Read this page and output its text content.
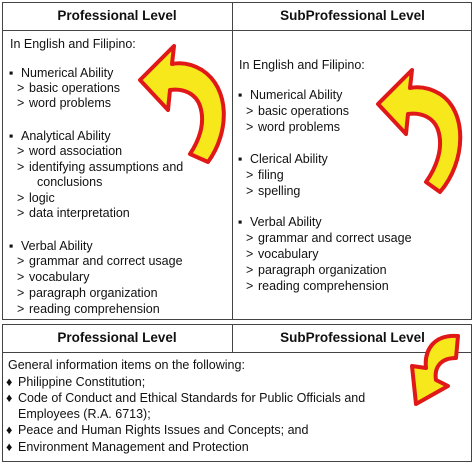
Professional Level	SubProfessional Level
In English and Filipino:
▪ Numerical Ability
> basic operations
> word problems
▪ Analytical Ability
> word association
> identifying assumptions and
conclusions
> logic
> data interpretation
▪ Verbal Ability
> grammar and correct usage
> vocabulary
> paragraph organization
> reading comprehension
In English and Filipino:
▪ Numerical Ability
> basic operations
> word problems
▪ Clerical Ability
> filing
> spelling
▪ Verbal Ability
> grammar and correct usage
> vocabulary
> paragraph organization
> reading comprehension
Professional Level	SubProfessional Level
General information items on the following:
♦ Philippine Constitution;
♦ Code of Conduct and Ethical Standards for Public Officials and
Employees (R.A. 6713);
♦ Peace and Human Rights Issues and Concepts; and
♦ Environment Management and Protection
